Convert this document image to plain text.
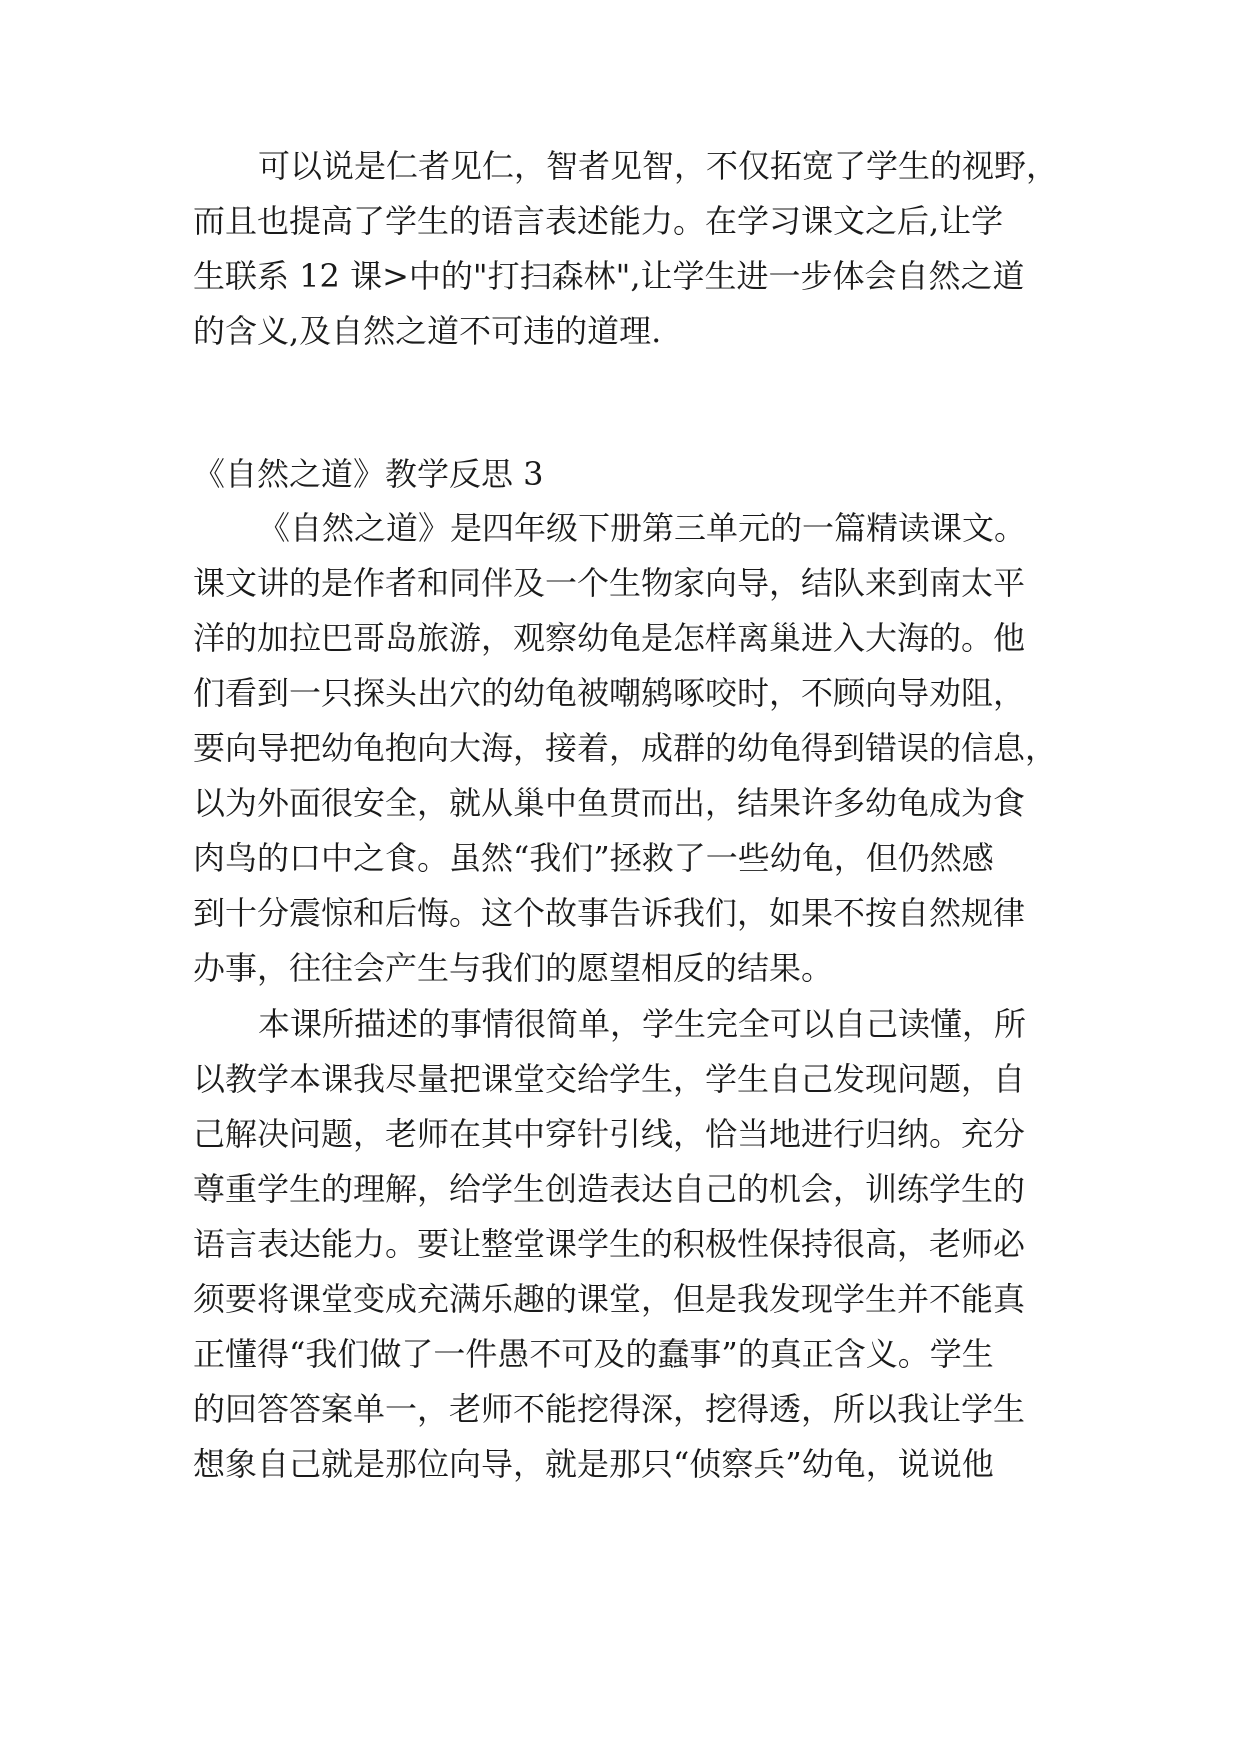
可以说是仁者见仁，智者见智，不仅拓宽了学生的视野，
而且也提高了学生的语言表述能力。在学习课文之后,让学
生联系 12 课>中的"打扫森林",让学生进一步体会自然之道
的含义,及自然之道不可违的道理.
《自然之道》教学反思 3
《自然之道》是四年级下册第三单元的一篇精读课文。
课文讲的是作者和同伴及一个生物家向导，结队来到南太平
洋的加拉巴哥岛旅游，观察幼龟是怎样离巢进入大海的。他
们看到一只探头出穴的幼龟被嘲鸫啄咬时，不顾向导劝阻，
要向导把幼龟抱向大海，接着，成群的幼龟得到错误的信息，
以为外面很安全，就从巢中鱼贯而出，结果许多幼龟成为食
肉鸟的口中之食。虽然“我们”拯救了一些幼龟，但仍然感
到十分震惊和后悔。这个故事告诉我们，如果不按自然规律
办事，往往会产生与我们的愿望相反的结果。
本课所描述的事情很简单，学生完全可以自己读懂，所
以教学本课我尽量把课堂交给学生，学生自己发现问题，自
己解决问题，老师在其中穿针引线，恰当地进行归纳。充分
尊重学生的理解，给学生创造表达自己的机会，训练学生的
语言表达能力。要让整堂课学生的积极性保持很高，老师必
须要将课堂变成充满乐趣的课堂，但是我发现学生并不能真
正懂得“我们做了一件愚不可及的蠢事”的真正含义。学生
的回答答案单一，老师不能挖得深，挖得透，所以我让学生
想象自己就是那位向导，就是那只“侦察兵”幼龟，说说他
